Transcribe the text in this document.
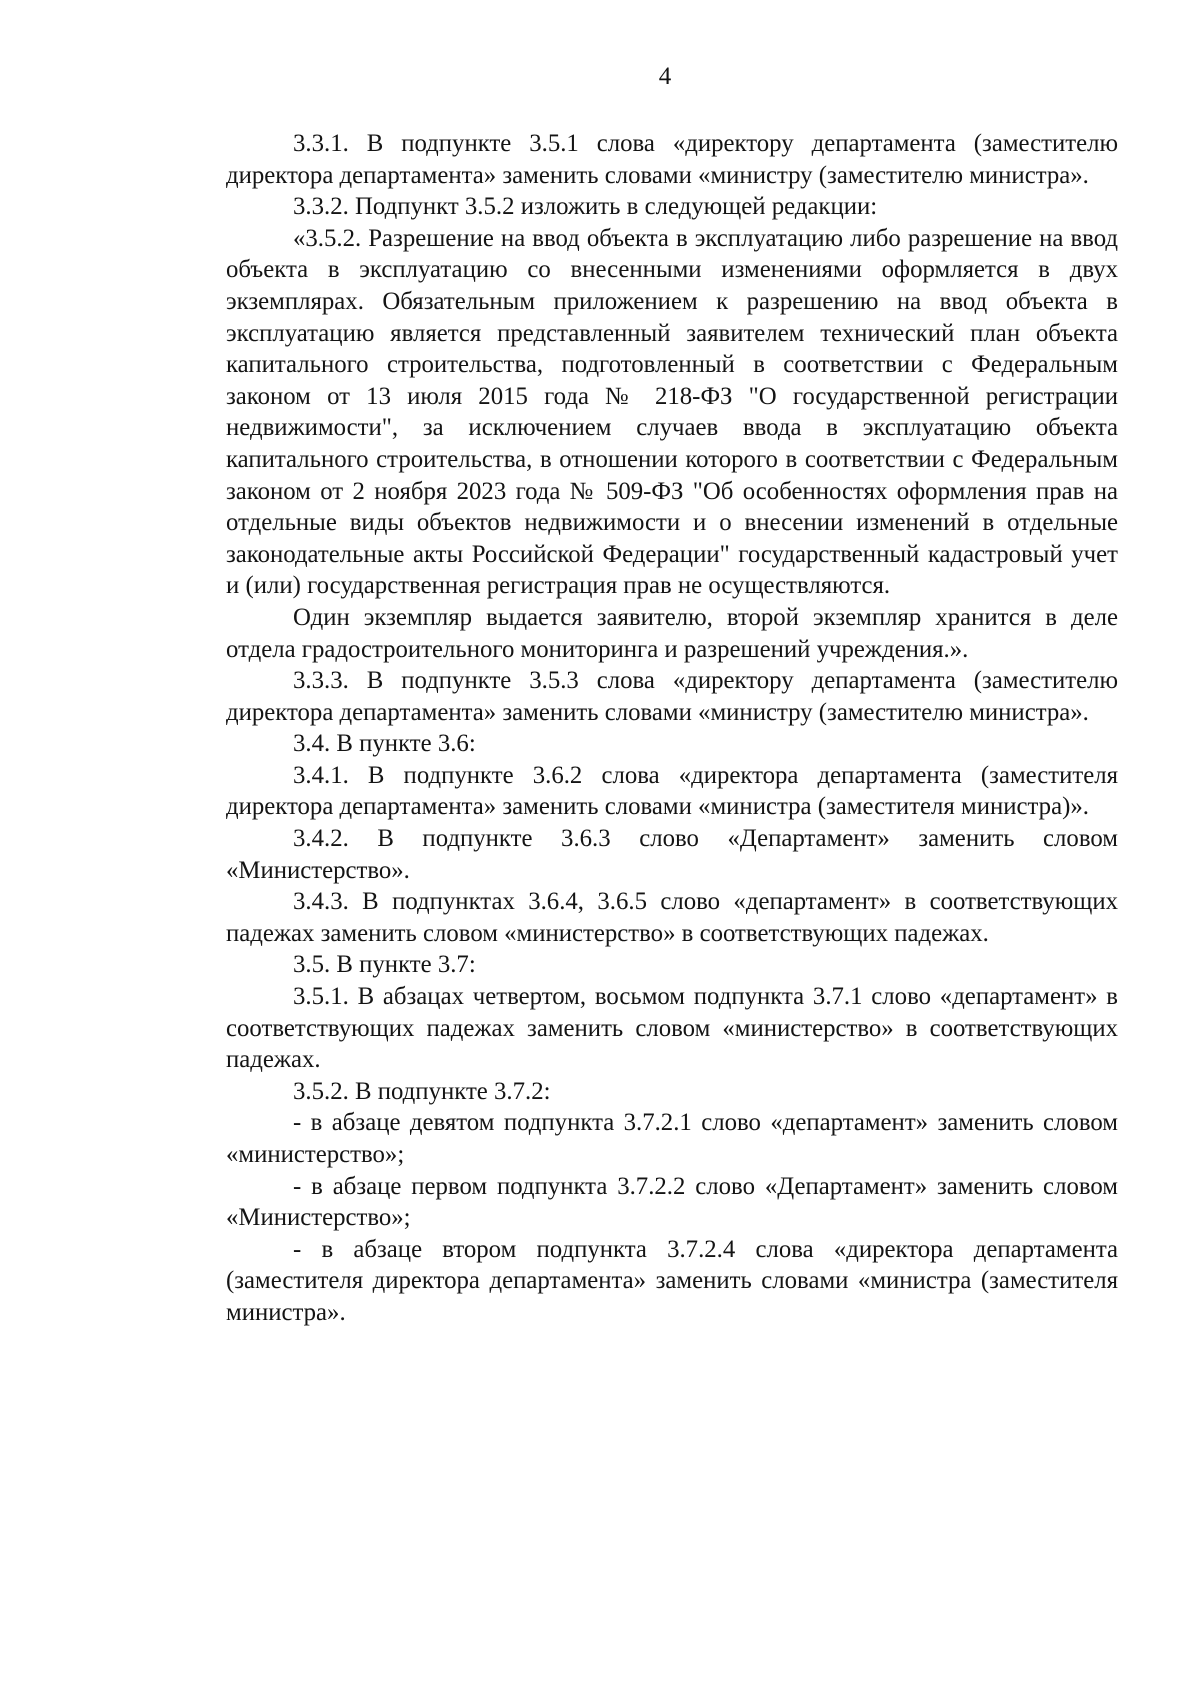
4

3.3.1. В подпункте 3.5.1 слова «директору департамента (заместителю директора департамента» заменить словами «министру (заместителю министра».

3.3.2. Подпункт 3.5.2 изложить в следующей редакции:

«3.5.2. Разрешение на ввод объекта в эксплуатацию либо разрешение на ввод объекта в эксплуатацию со внесенными изменениями оформляется в двух экземплярах. Обязательным приложением к разрешению на ввод объекта в эксплуатацию является представленный заявителем технический план объекта капитального строительства, подготовленный в соответствии с Федеральным законом от 13 июля 2015 года № 218-ФЗ "О государственной регистрации недвижимости", за исключением случаев ввода в эксплуатацию объекта капитального строительства, в отношении которого в соответствии с Федеральным законом от 2 ноября 2023 года № 509-ФЗ "Об особенностях оформления прав на отдельные виды объектов недвижимости и о внесении изменений в отдельные законодательные акты Российской Федерации" государственный кадастровый учет и (или) государственная регистрация прав не осуществляются.

Один экземпляр выдается заявителю, второй экземпляр хранится в деле отдела градостроительного мониторинга и разрешений учреждения.».

3.3.3. В подпункте 3.5.3 слова «директору департамента (заместителю директора департамента» заменить словами «министру (заместителю министра».

3.4. В пункте 3.6:

3.4.1. В подпункте 3.6.2 слова «директора департамента (заместителя директора департамента» заменить словами «министра (заместителя министра)».

3.4.2. В подпункте 3.6.3 слово «Департамент» заменить словом «Министерство».

3.4.3. В подпунктах 3.6.4, 3.6.5 слово «департамент» в соответствующих падежах заменить словом «министерство» в соответствующих падежах.

3.5. В пункте 3.7:

3.5.1. В абзацах четвертом, восьмом подпункта 3.7.1 слово «департамент» в соответствующих падежах заменить словом «министерство» в соответствующих падежах.

3.5.2. В подпункте 3.7.2:

- в абзаце девятом подпункта 3.7.2.1 слово «департамент» заменить словом «министерство»;

- в абзаце первом подпункта 3.7.2.2 слово «Департамент» заменить словом «Министерство»;

- в абзаце втором подпункта 3.7.2.4 слова «директора департамента (заместителя директора департамента» заменить словами «министра (заместителя министра».
